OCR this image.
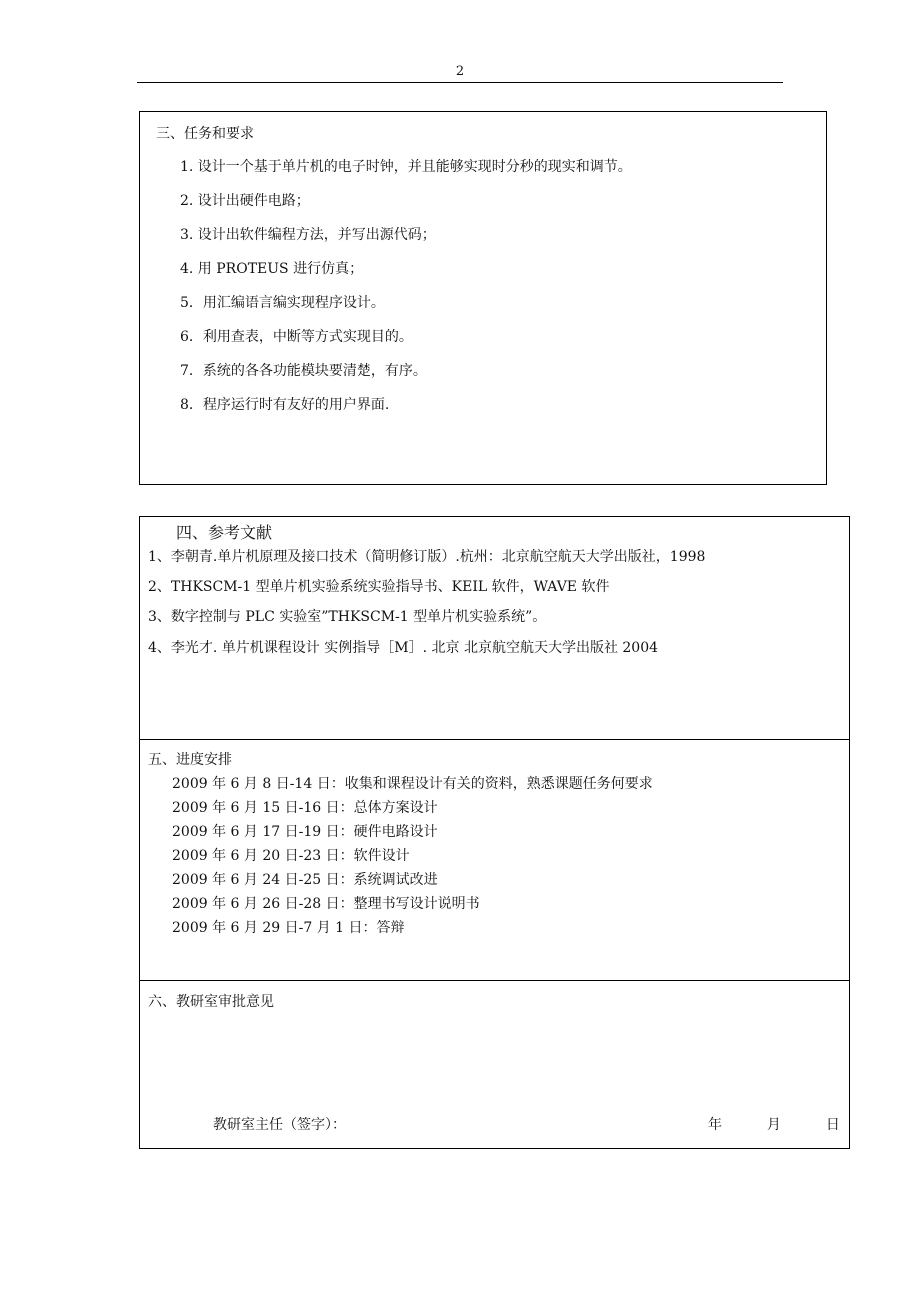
2
三、任务和要求
1. 设计一个基于单片机的电子时钟，并且能够实现时分秒的现实和调节。
2. 设计出硬件电路；
3. 设计出软件编程方法，并写出源代码；
4. 用 PROTEUS 进行仿真；
5．用汇编语言编实现程序设计。
6．利用查表，中断等方式实现目的。
7．系统的各各功能模块要清楚，有序。
8．程序运行时有友好的用户界面.
四、参考文献
1、李朝青.单片机原理及接口技术（简明修订版）.杭州：北京航空航天大学出版社，1998
2、THKSCM-1 型单片机实验系统实验指导书、KEIL 软件，WAVE 软件
3、数字控制与 PLC 实验室”THKSCM-1 型单片机实验系统”。
4、李光才. 单片机课程设计 实例指导［M］. 北京 北京航空航天大学出版社 2004
五、进度安排
2009 年 6 月 8 日-14 日：收集和课程设计有关的资料，熟悉课题任务何要求
2009 年 6 月 15 日-16 日：总体方案设计
2009 年 6 月 17 日-19 日：硬件电路设计
2009 年 6 月 20 日-23 日：软件设计
2009 年 6 月 24 日-25 日：系统调试改进
2009 年 6 月 26 日-28 日：整理书写设计说明书
2009 年 6 月 29 日-7 月 1 日：答辩
六、教研室审批意见
教研室主任（签字）：	年	月	日
